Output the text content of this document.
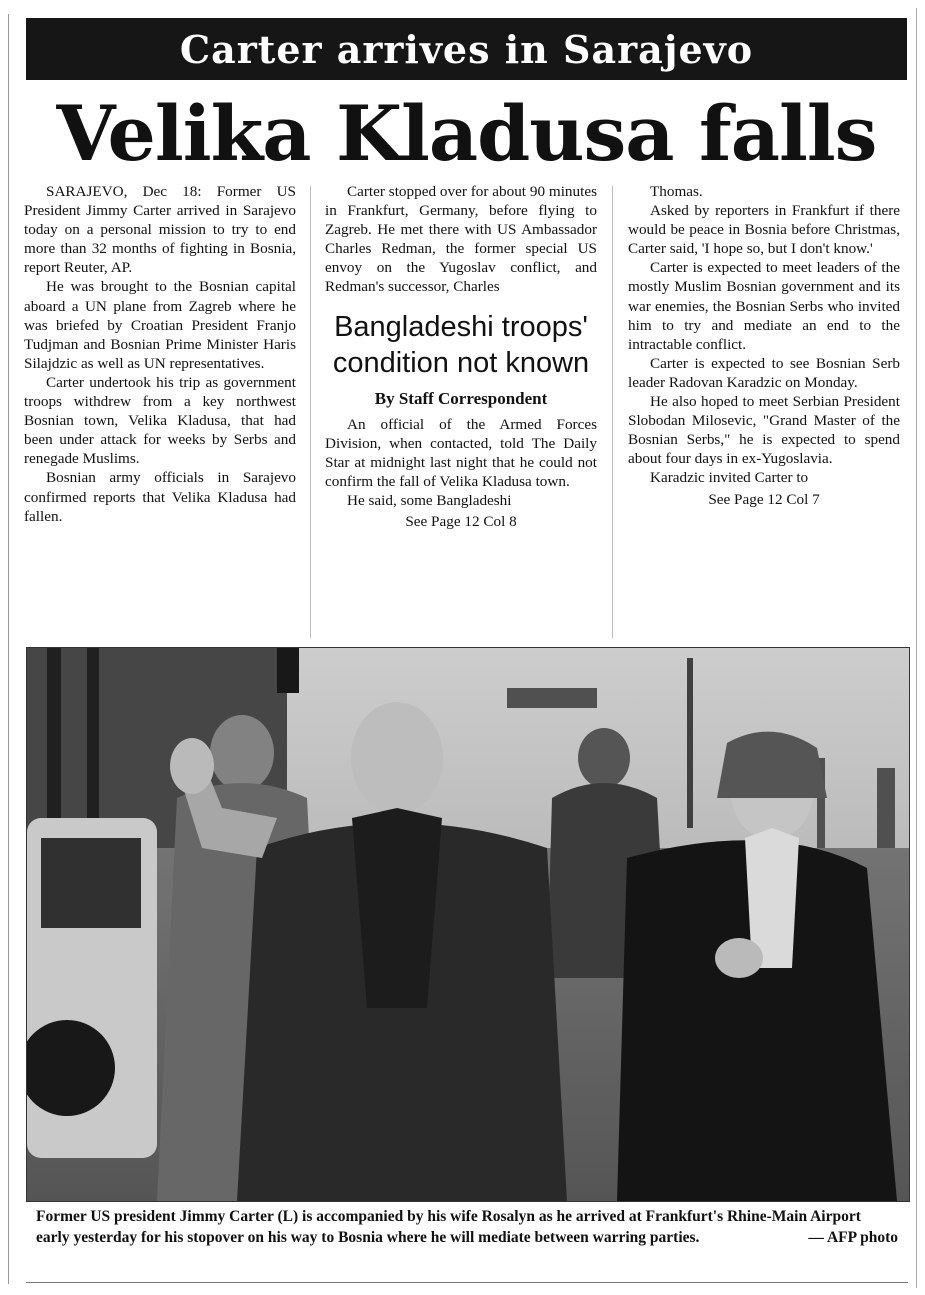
Carter arrives in Sarajevo
Velika Kladusa falls

SARAJEVO, Dec 18: Former US President Jimmy Carter arrived in Sarajevo today on a personal mission to try to end more than 32 months of fighting in Bosnia, report Reuter, AP.

He was brought to the Bosnian capital aboard a UN plane from Zagreb where he was briefed by Croatian President Franjo Tudjman and Bosnian Prime Minister Haris Silajdzic as well as UN representatives.

Carter undertook his trip as government troops withdrew from a key northwest Bosnian town, Velika Kladusa, that had been under attack for weeks by Serbs and renegade Muslims.

Bosnian army officials in Sarajevo confirmed reports that Velika Kladusa had fallen.

Carter stopped over for about 90 minutes in Frankfurt, Germany, before flying to Zagreb. He met there with US Ambassador Charles Redman, the former special US envoy on the Yugoslav conflict, and Redman's successor, Charles

Bangladeshi troops' condition not known
By Staff Correspondent

An official of the Armed Forces Division, when contacted, told The Daily Star at midnight last night that he could not confirm the fall of Velika Kladusa town.

He said, some Bangladeshi

See Page 12 Col 8

Thomas.

Asked by reporters in Frankfurt if there would be peace in Bosnia before Christmas, Carter said, 'I hope so, but I don't know.'

Carter is expected to meet leaders of the mostly Muslim Bosnian government and its war enemies, the Bosnian Serbs who invited him to try and mediate an end to the intractable conflict.

Carter is expected to see Bosnian Serb leader Radovan Karadzic on Monday.

He also hoped to meet Serbian President Slobodan Milosevic, "Grand Master of the Bosnian Serbs," he is expected to spend about four days in ex-Yugoslavia.

Karadzic invited Carter to

See Page 12 Col 7
Former US president Jimmy Carter (L) is accompanied by his wife Rosalyn as he arrived at Frankfurt's Rhine-Main Airport early yesterday for his stopover on his way to Bosnia where he will mediate between warring parties.	— AFP photo
